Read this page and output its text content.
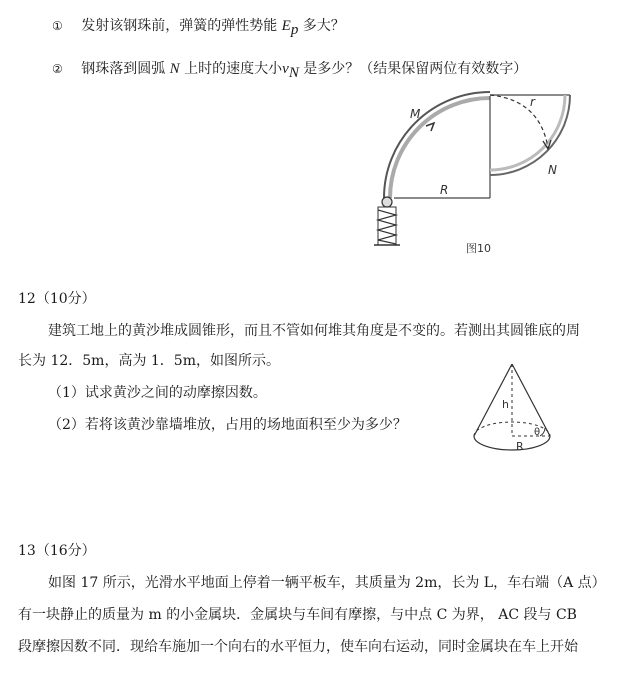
① 发射该钢珠前，弹簧的弹性势能 $E_p$ 多大？
② 钢珠落到圆弧 N 上时的速度大小$v_N$ 是多少？（结果保留两位有效数字）
M
r
N
R
图10
12（10分）
建筑工地上的黄沙堆成圆锥形，而且不管如何堆其角度是不变的。若测出其圆锥底的周
长为 12．5m，高为 1．5m，如图所示。
（1）试求黄沙之间的动摩擦因数。
（2）若将该黄沙靠墙堆放，占用的场地面积至少为多少？
h
R
θ
13（16分）
如图 17 所示，光滑水平地面上停着一辆平板车，其质量为 2m，长为 L，车右端（A 点）
有一块静止的质量为 m 的小金属块．金属块与车间有摩擦，与中点 C 为界， AC 段与 CB
段摩擦因数不同．现给车施加一个向右的水平恒力，使车向右运动，同时金属块在车上开始
